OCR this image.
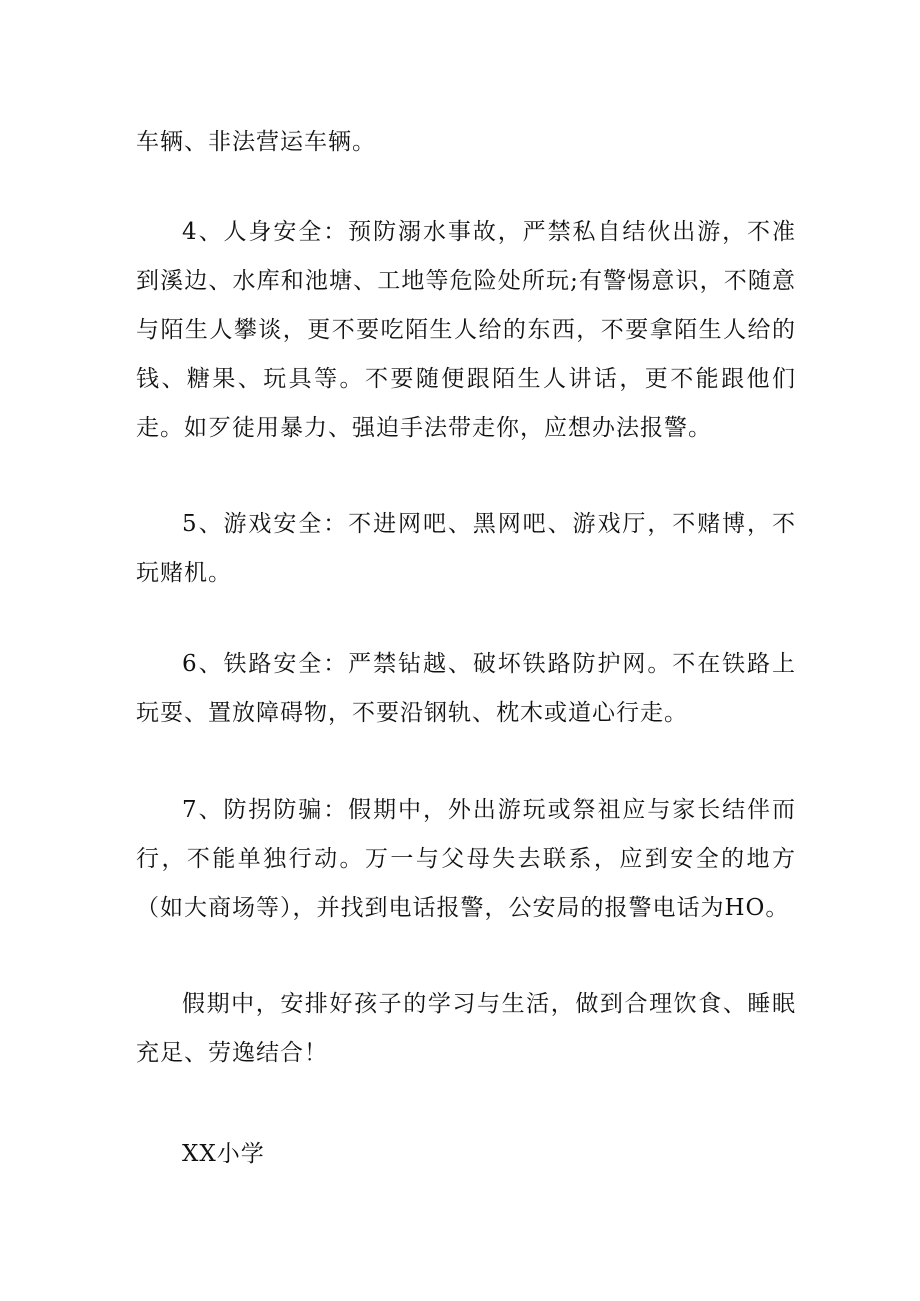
车辆、非法营运车辆。

4、人身安全：预防溺水事故，严禁私自结伙出游，不准到溪边、水库和池塘、工地等危险处所玩;有警惕意识，不随意与陌生人攀谈，更不要吃陌生人给的东西，不要拿陌生人给的钱、糖果、玩具等。不要随便跟陌生人讲话，更不能跟他们走。如歹徒用暴力、强迫手法带走你，应想办法报警。

5、游戏安全：不进网吧、黑网吧、游戏厅，不赌博，不玩赌机。

6、铁路安全：严禁钻越、破坏铁路防护网。不在铁路上玩耍、置放障碍物，不要沿钢轨、枕木或道心行走。

7、防拐防骗：假期中，外出游玩或祭祖应与家长结伴而行，不能单独行动。万一与父母失去联系，应到安全的地方（如大商场等），并找到电话报警，公安局的报警电话为HO。

假期中，安排好孩子的学习与生活，做到合理饮食、睡眠充足、劳逸结合！

XX小学
